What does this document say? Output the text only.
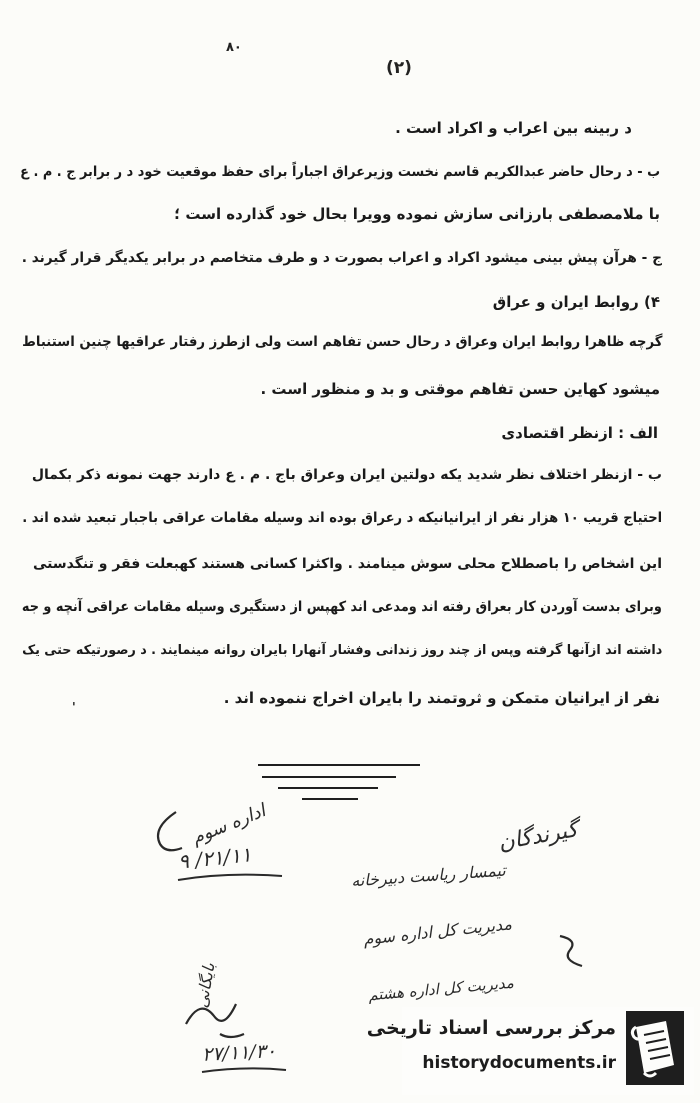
۸۰
(۲)
د ربینه بین اعراب و اکراد است .
ب - د رحال حاضر عبدالکریم قاسم نخست وزیرعراق اجباراً برای حفظ موقعیت خود د ر برابر ج . م . ع
با ملامصطفی بارزانی سازش نموده وویرا بحال خود گذارده است ؛
ج - هرآن پیش بینی میشود اکراد و اعراب بصورت د و طرف متخاصم در برابر یکدیگر قرار گیرند .
۴) روابط ایران و عراق
گرچه ظاهرا روابط ایران وعراق د رحال حسن تفاهم است ولی ازطرز رفتار عراقیها چنین استنباط
میشود کهاین حسن تفاهم موقتی و بد و منظور است .
الف : ازنظر اقتصادی
ب - ازنظر اختلاف نظر شدید یکه دولتین ایران وعراق باج . م . ع دارند جهت نمونه ذکر بکمال
احتیاج قریب ۱۰ هزار نفر از ایرانیانیکه د رعراق بوده اند وسیله مقامات عراقی باجبار تبعید شده اند .
این اشخاص را باصطلاح محلی سوش مینامند . واکثرا کسانی هستند کهبعلت فقر و تنگدستی
وبرای بدست آوردن کار بعراق رفته اند ومدعی اند کهپس از دستگیری وسیله مقامات عراقی آنچه و جه
داشته اند ازآنها گرفته وپس از چند روز زندانی وفشار آنهارا بایران روانه مینمایند . د رصورتیکه حتی یک
نفر از ایرانیان متمکن و ثروتمند را بایران اخراج ننموده اند .
'
گیرندگان
تیمسار ریاست دبیرخانه
مدیریت کل اداره سوم
مدیریت کل اداره هشتم
اداره سوم
۲۱/۱۱/ ۹
بایگانی
۲۷/۱۱/۳۰
مرکز بررسی اسناد تاریخی
historydocuments.ir
